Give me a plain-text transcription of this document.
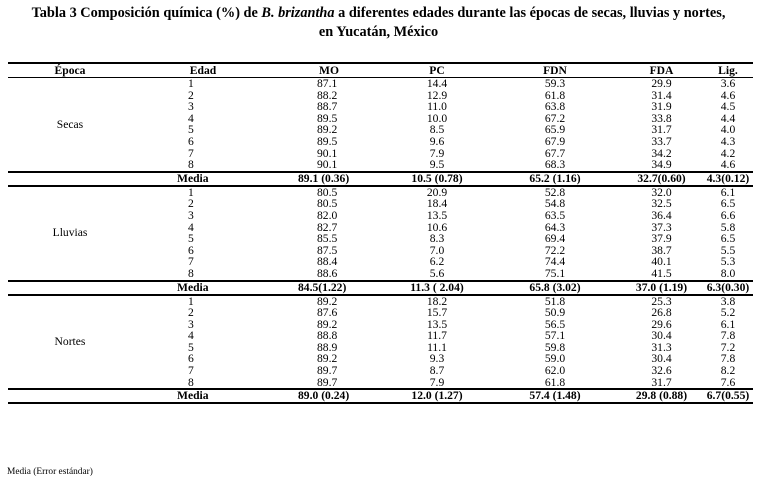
Tabla 3 Composición química (%) de B. brizantha a diferentes edades durante las épocas de secas, lluvias y nortes,
en Yucatán, México
Época	Edad	MO	PC	FDN	FDA	Lig.
Secas	1	87.1	14.4	59.3	29.9	3.6
	2	88.2	12.9	61.8	31.4	4.6
	3	88.7	11.0	63.8	31.9	4.5
	4	89.5	10.0	67.2	33.8	4.4
	5	89.2	8.5	65.9	31.7	4.0
	6	89.5	9.6	67.9	33.7	4.3
	7	90.1	7.9	67.7	34.2	4.2
	8	90.1	9.5	68.3	34.9	4.6
	Media	89.1 (0.36)	10.5 (0.78)	65.2 (1.16)	32.7(0.60)	4.3(0.12)
Lluvias	1	80.5	20.9	52.8	32.0	6.1
	2	80.5	18.4	54.8	32.5	6.5
	3	82.0	13.5	63.5	36.4	6.6
	4	82.7	10.6	64.3	37.3	5.8
	5	85.5	8.3	69.4	37.9	6.5
	6	87.5	7.0	72.2	38.7	5.5
	7	88.4	6.2	74.4	40.1	5.3
	8	88.6	5.6	75.1	41.5	8.0
	Media	84.5(1.22)	11.3 ( 2.04)	65.8 (3.02)	37.0 (1.19)	6.3(0.30)
Nortes	1	89.2	18.2	51.8	25.3	3.8
	2	87.6	15.7	50.9	26.8	5.2
	3	89.2	13.5	56.5	29.6	6.1
	4	88.8	11.7	57.1	30.4	7.8
	5	88.9	11.1	59.8	31.3	7.2
	6	89.2	9.3	59.0	30.4	7.8
	7	89.7	8.7	62.0	32.6	8.2
	8	89.7	7.9	61.8	31.7	7.6
	Media	89.0 (0.24)	12.0 (1.27)	57.4 (1.48)	29.8 (0.88)	6.7(0.55)
Media (Error estándar)
